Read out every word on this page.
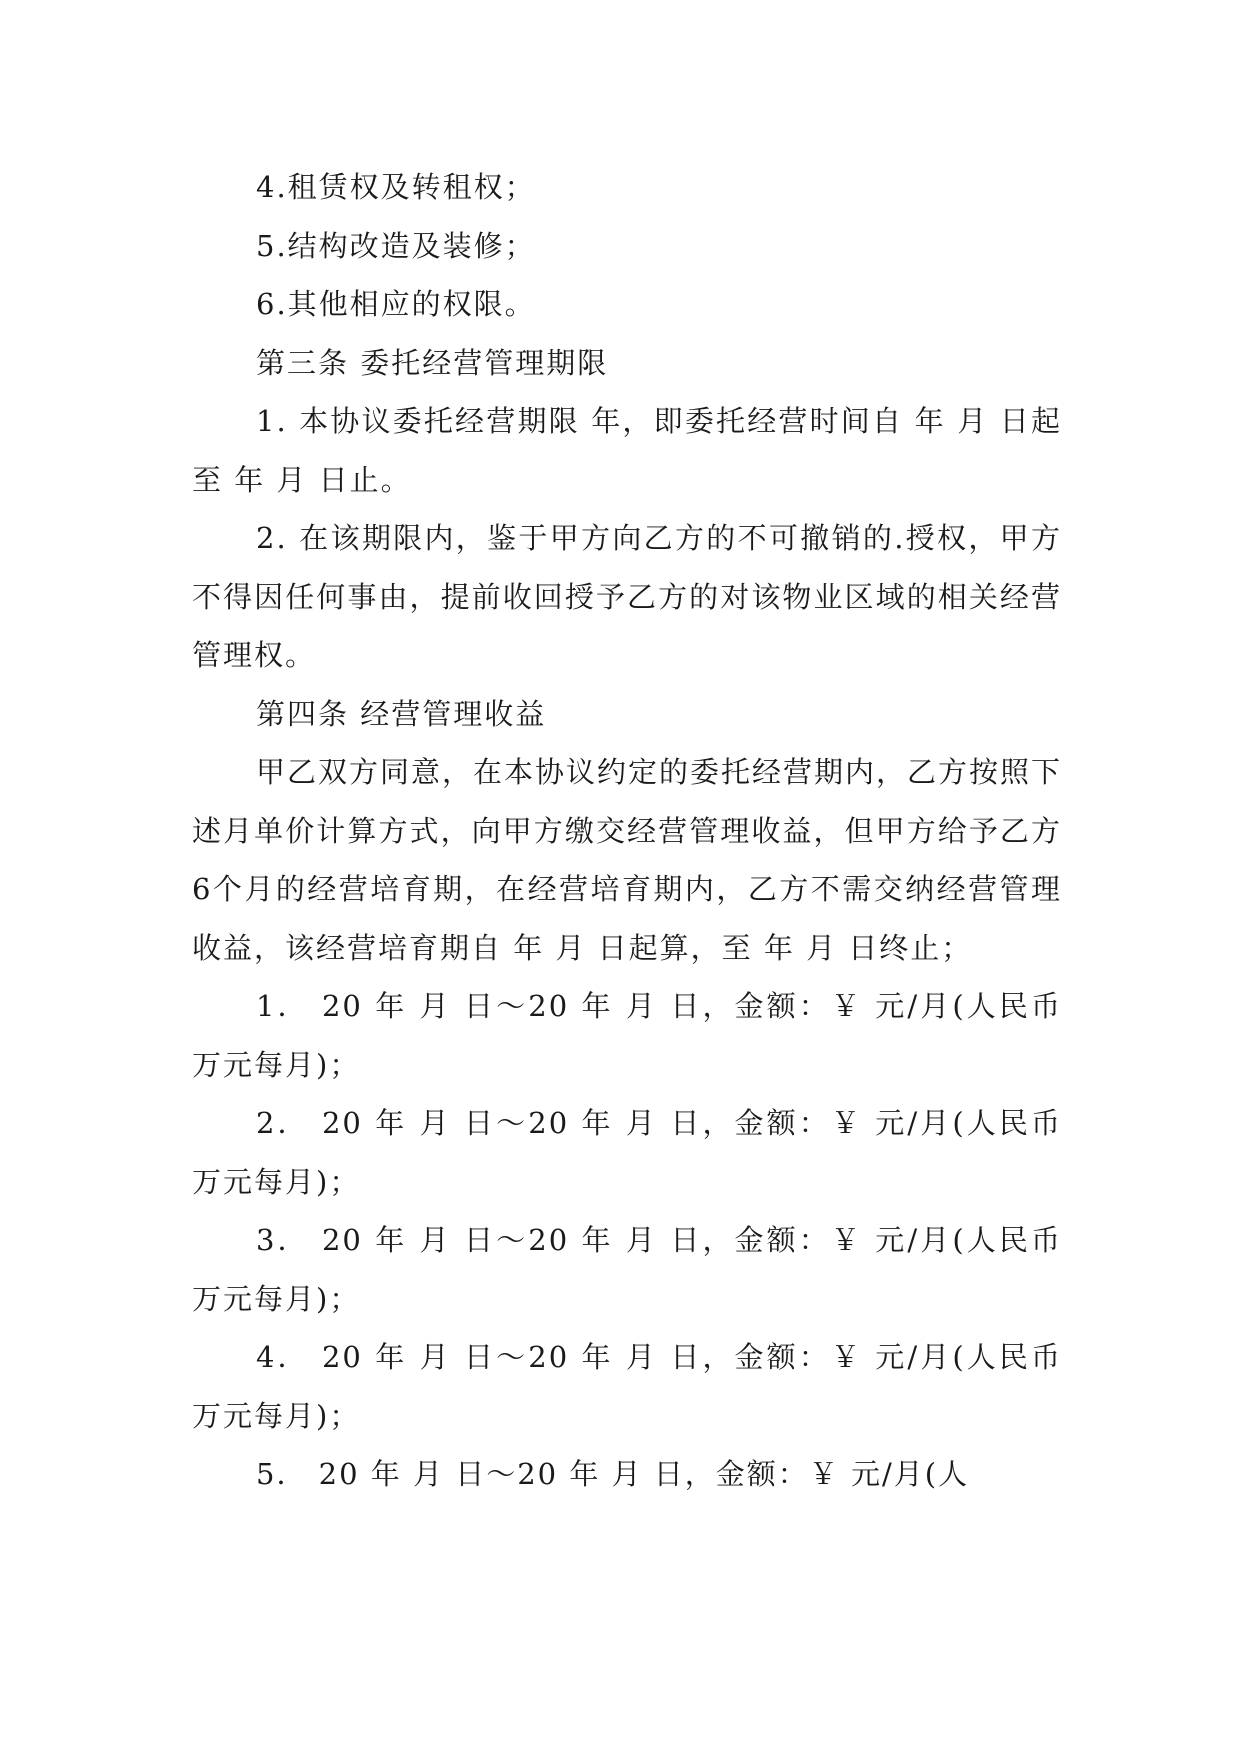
4.租赁权及转租权；

5.结构改造及装修；

6.其他相应的权限。

第三条 委托经营管理期限

1. 本协议委托经营期限 年，即委托经营时间自 年 月 日起至 年 月 日止。

2. 在该期限内，鉴于甲方向乙方的不可撤销的.授权，甲方不得因任何事由，提前收回授予乙方的对该物业区域的相关经营管理权。

第四条 经营管理收益

甲乙双方同意，在本协议约定的委托经营期内，乙方按照下述月单价计算方式，向甲方缴交经营管理收益，但甲方给予乙方6个月的经营培育期，在经营培育期内，乙方不需交纳经营管理收益，该经营培育期自 年 月 日起算，至 年 月 日终止；

1． 20 年 月 日～20 年 月 日，金额：￥ 元/月(人民币 万元每月)；

2． 20 年 月 日～20 年 月 日，金额：￥ 元/月(人民币 万元每月)；

3． 20 年 月 日～20 年 月 日，金额：￥ 元/月(人民币 万元每月)；

4． 20 年 月 日～20 年 月 日，金额：￥ 元/月(人民币 万元每月)；

5． 20 年 月 日～20 年 月 日，金额：￥ 元/月(人
